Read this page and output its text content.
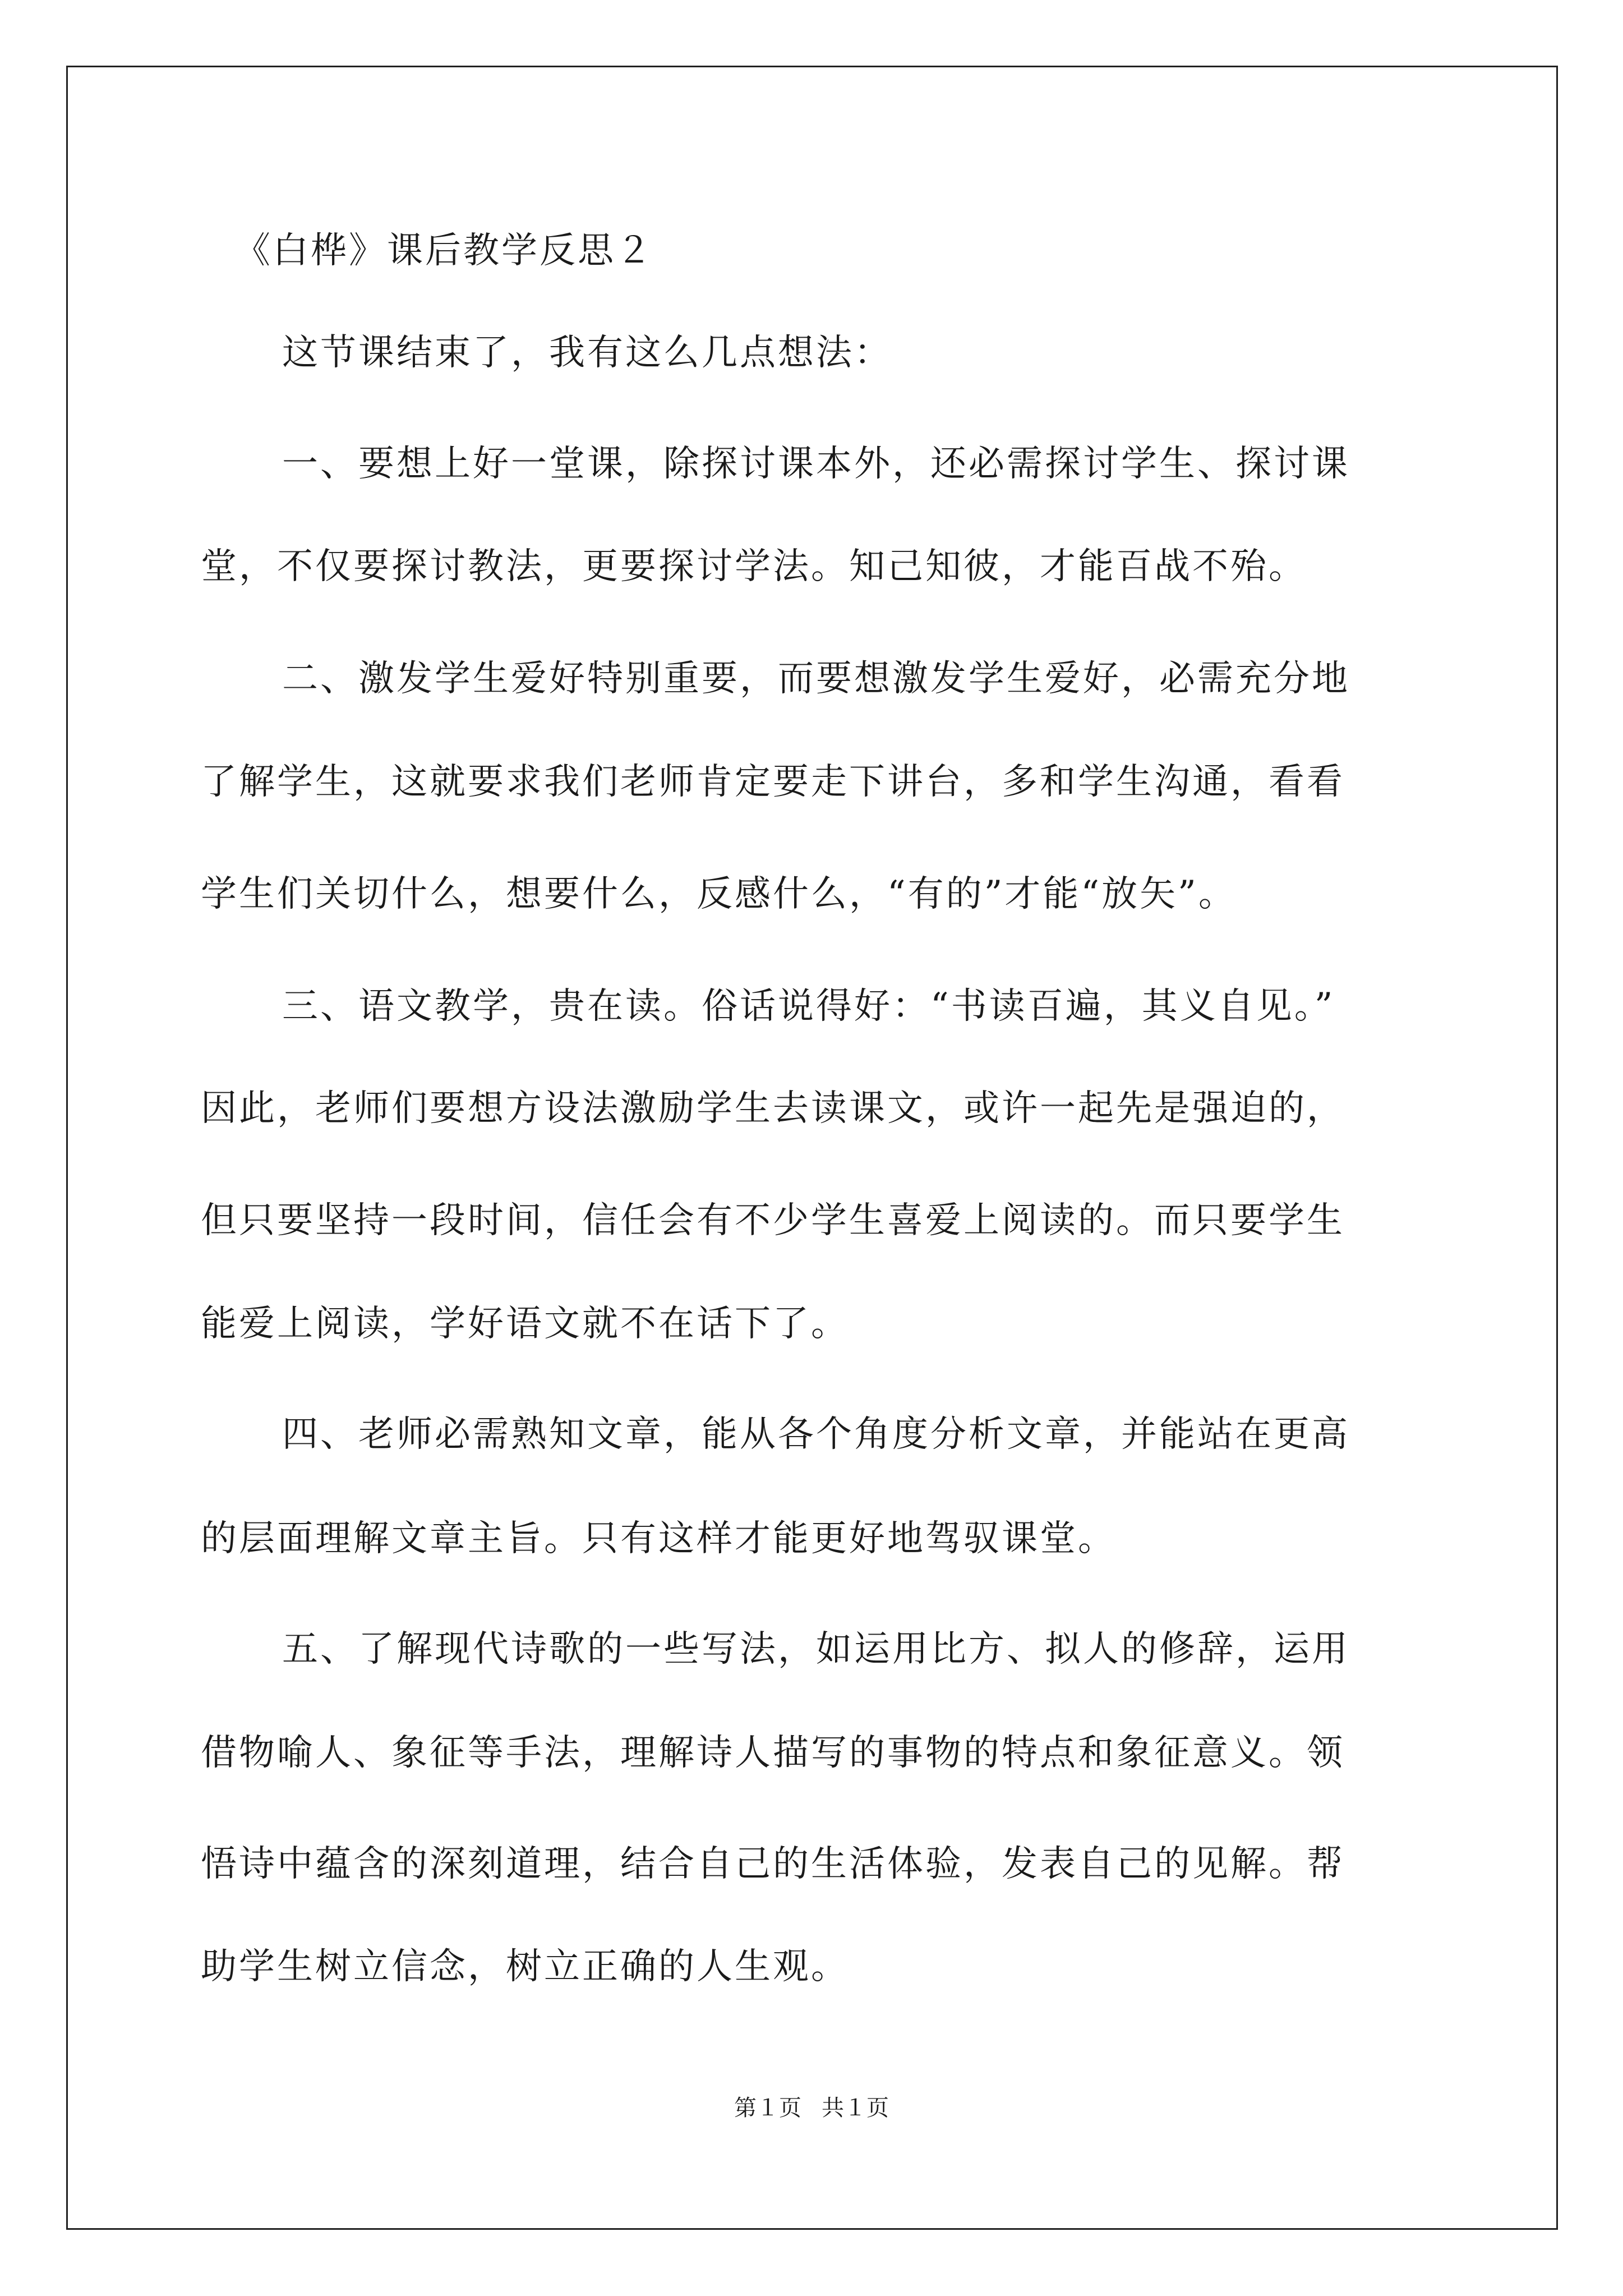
《白桦》课后教学反思２
这节课结束了，我有这么几点想法：
一、要想上好一堂课，除探讨课本外，还必需探讨学生、探讨课
堂，不仅要探讨教法，更要探讨学法。知己知彼，才能百战不殆。
二、激发学生爱好特别重要，而要想激发学生爱好，必需充分地
了解学生，这就要求我们老师肯定要走下讲台，多和学生沟通，看看
学生们关切什么，想要什么，反感什么，“有的”才能“放矢”。
三、语文教学，贵在读。俗话说得好：“书读百遍，其义自见。”
因此，老师们要想方设法激励学生去读课文，或许一起先是强迫的，
但只要坚持一段时间，信任会有不少学生喜爱上阅读的。而只要学生
能爱上阅读，学好语文就不在话下了。
四、老师必需熟知文章，能从各个角度分析文章，并能站在更高
的层面理解文章主旨。只有这样才能更好地驾驭课堂。
五、了解现代诗歌的一些写法，如运用比方、拟人的修辞，运用
借物喻人、象征等手法，理解诗人描写的事物的特点和象征意义。领
悟诗中蕴含的深刻道理，结合自己的生活体验，发表自己的见解。帮
助学生树立信念，树立正确的人生观。
第１页 共１页
